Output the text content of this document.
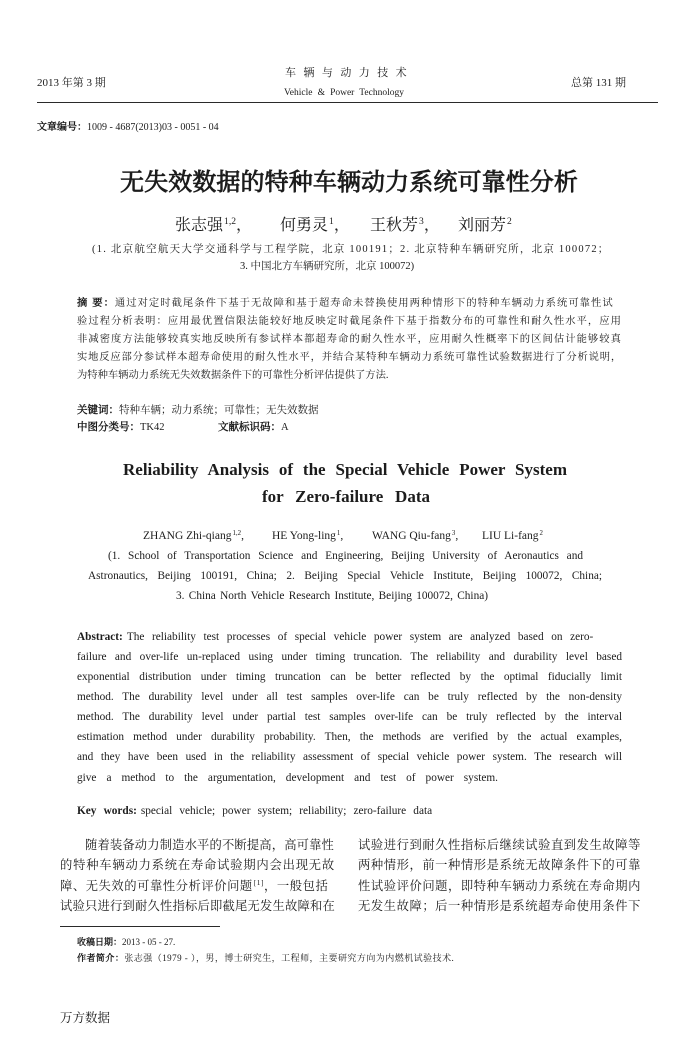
2013 年第 3 期
车 辆 与 动 力 技 术
Vehicle & Power Technology
总第 131 期
文章编号：1009 - 4687(2013)03 - 0051 - 04
无失效数据的特种车辆动力系统可靠性分析
张志强$^{1,2}$， 何勇灵$^1$， 王秋芳$^3$， 刘丽芳$^2$
(1. 北京航空航天大学交通科学与工程学院，北京 100191；2. 北京特种车辆研究所，北京 100072；
3. 中国北方车辆研究所，北京 100072)
摘 要：通过对定时截尾条件下基于无故障和基于超寿命未替换使用两种情形下的特种车辆动力系统可靠性试
验过程分析表明：应用最优置信限法能较好地反映定时截尾条件下基于指数分布的可靠性和耐久性水平，应用
非减密度方法能够较真实地反映所有参试样本都超寿命的耐久性水平，应用耐久性概率下的区间估计能够较真
实地反应部分参试样本超寿命使用的耐久性水平，并结合某特种车辆动力系统可靠性试验数据进行了分析说明，
为特种车辆动力系统无失效数据条件下的可靠性分析评估提供了方法.
关键词：特种车辆；动力系统；可靠性；无失效数据
中图分类号：TK42	文献标识码：A
Reliability Analysis of the Special Vehicle Power System
for Zero-failure Data
ZHANG Zhi-qiang$^{1,2}$, HE Yong-ling$^1$,	WANG Qiu-fang$^3$, LIU Li-fang$^2$
(1. School of Transportation Science and Engineering, Beijing University of Aeronautics and
Astronautics, Beijing 100191, China; 2. Beijing Special Vehicle Institute, Beijing 100072, China;
3. China North Vehicle Research Institute, Beijing 100072, China)
Abstract: The reliability test processes of special vehicle power system are analyzed based on zero-
failure and over-life un-replaced using under timing truncation. The reliability and durability level based
exponential distribution under timing truncation can be better reflected by the optimal fiducially limit
method. The durability level under all test samples over-life can be truly reflected by the non-density
method. The durability level under partial test samples over-life can be truly reflected by the interval
estimation method under durability probability. Then, the methods are verified by the actual examples,
and they have been used in the reliability assessment of special vehicle power system. The research will
give a method to the argumentation, development and test of power system.
Key words: special vehicle; power system; reliability; zero-failure data
随着装备动力制造水平的不断提高，高可靠性
的特种车辆动力系统在寿命试验期内会出现无故
障、无失效的可靠性分析评价问题[1]，一般包括
试验只进行到耐久性指标后即截尾无发生故障和在
试验进行到耐久性指标后继续试验直到发生故障等
两种情形，前一种情形是系统无故障条件下的可靠
性试验评价问题，即特种车辆动力系统在寿命期内
无发生故障；后一种情形是系统超寿命使用条件下
收稿日期：2013 - 05 - 27.
作者简介：张志强（1979 - ），男，博士研究生，工程师，主要研究方向为内燃机试验技术.
万方数据
